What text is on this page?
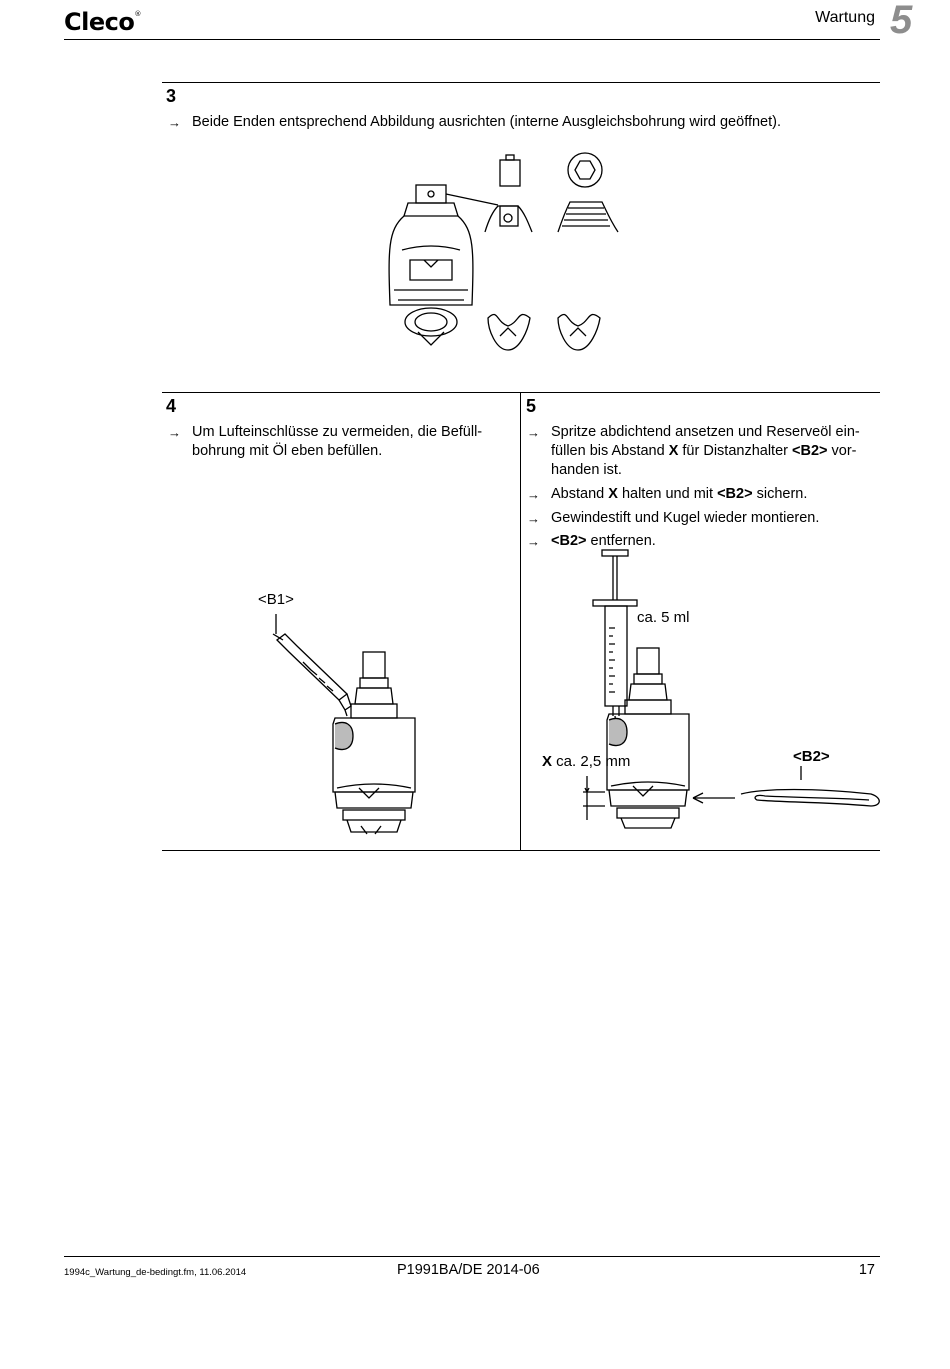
Cleco®	Wartung 5
3
→ Beide Enden entsprechend Abbildung ausrichten (interne Ausgleichsbohrung wird geöffnet).
4
→ Um Lufteinschlüsse zu vermeiden, die Befüll-
bohrung mit Öl eben befüllen.
<B1>
5
→ Spritze abdichtend ansetzen und Reserveöl ein-
füllen bis Abstand X für Distanzhalter <B2> vor-
handen ist.
→ Abstand X halten und mit <B2> sichern.
→ Gewindestift und Kugel wieder montieren.
→ <B2> entfernen.
ca. 5 ml
X ca. 2,5 mm	<B2>
1994c_Wartung_de-bedingt.fm, 11.06.2014	P1991BA/DE 2014-06	17
